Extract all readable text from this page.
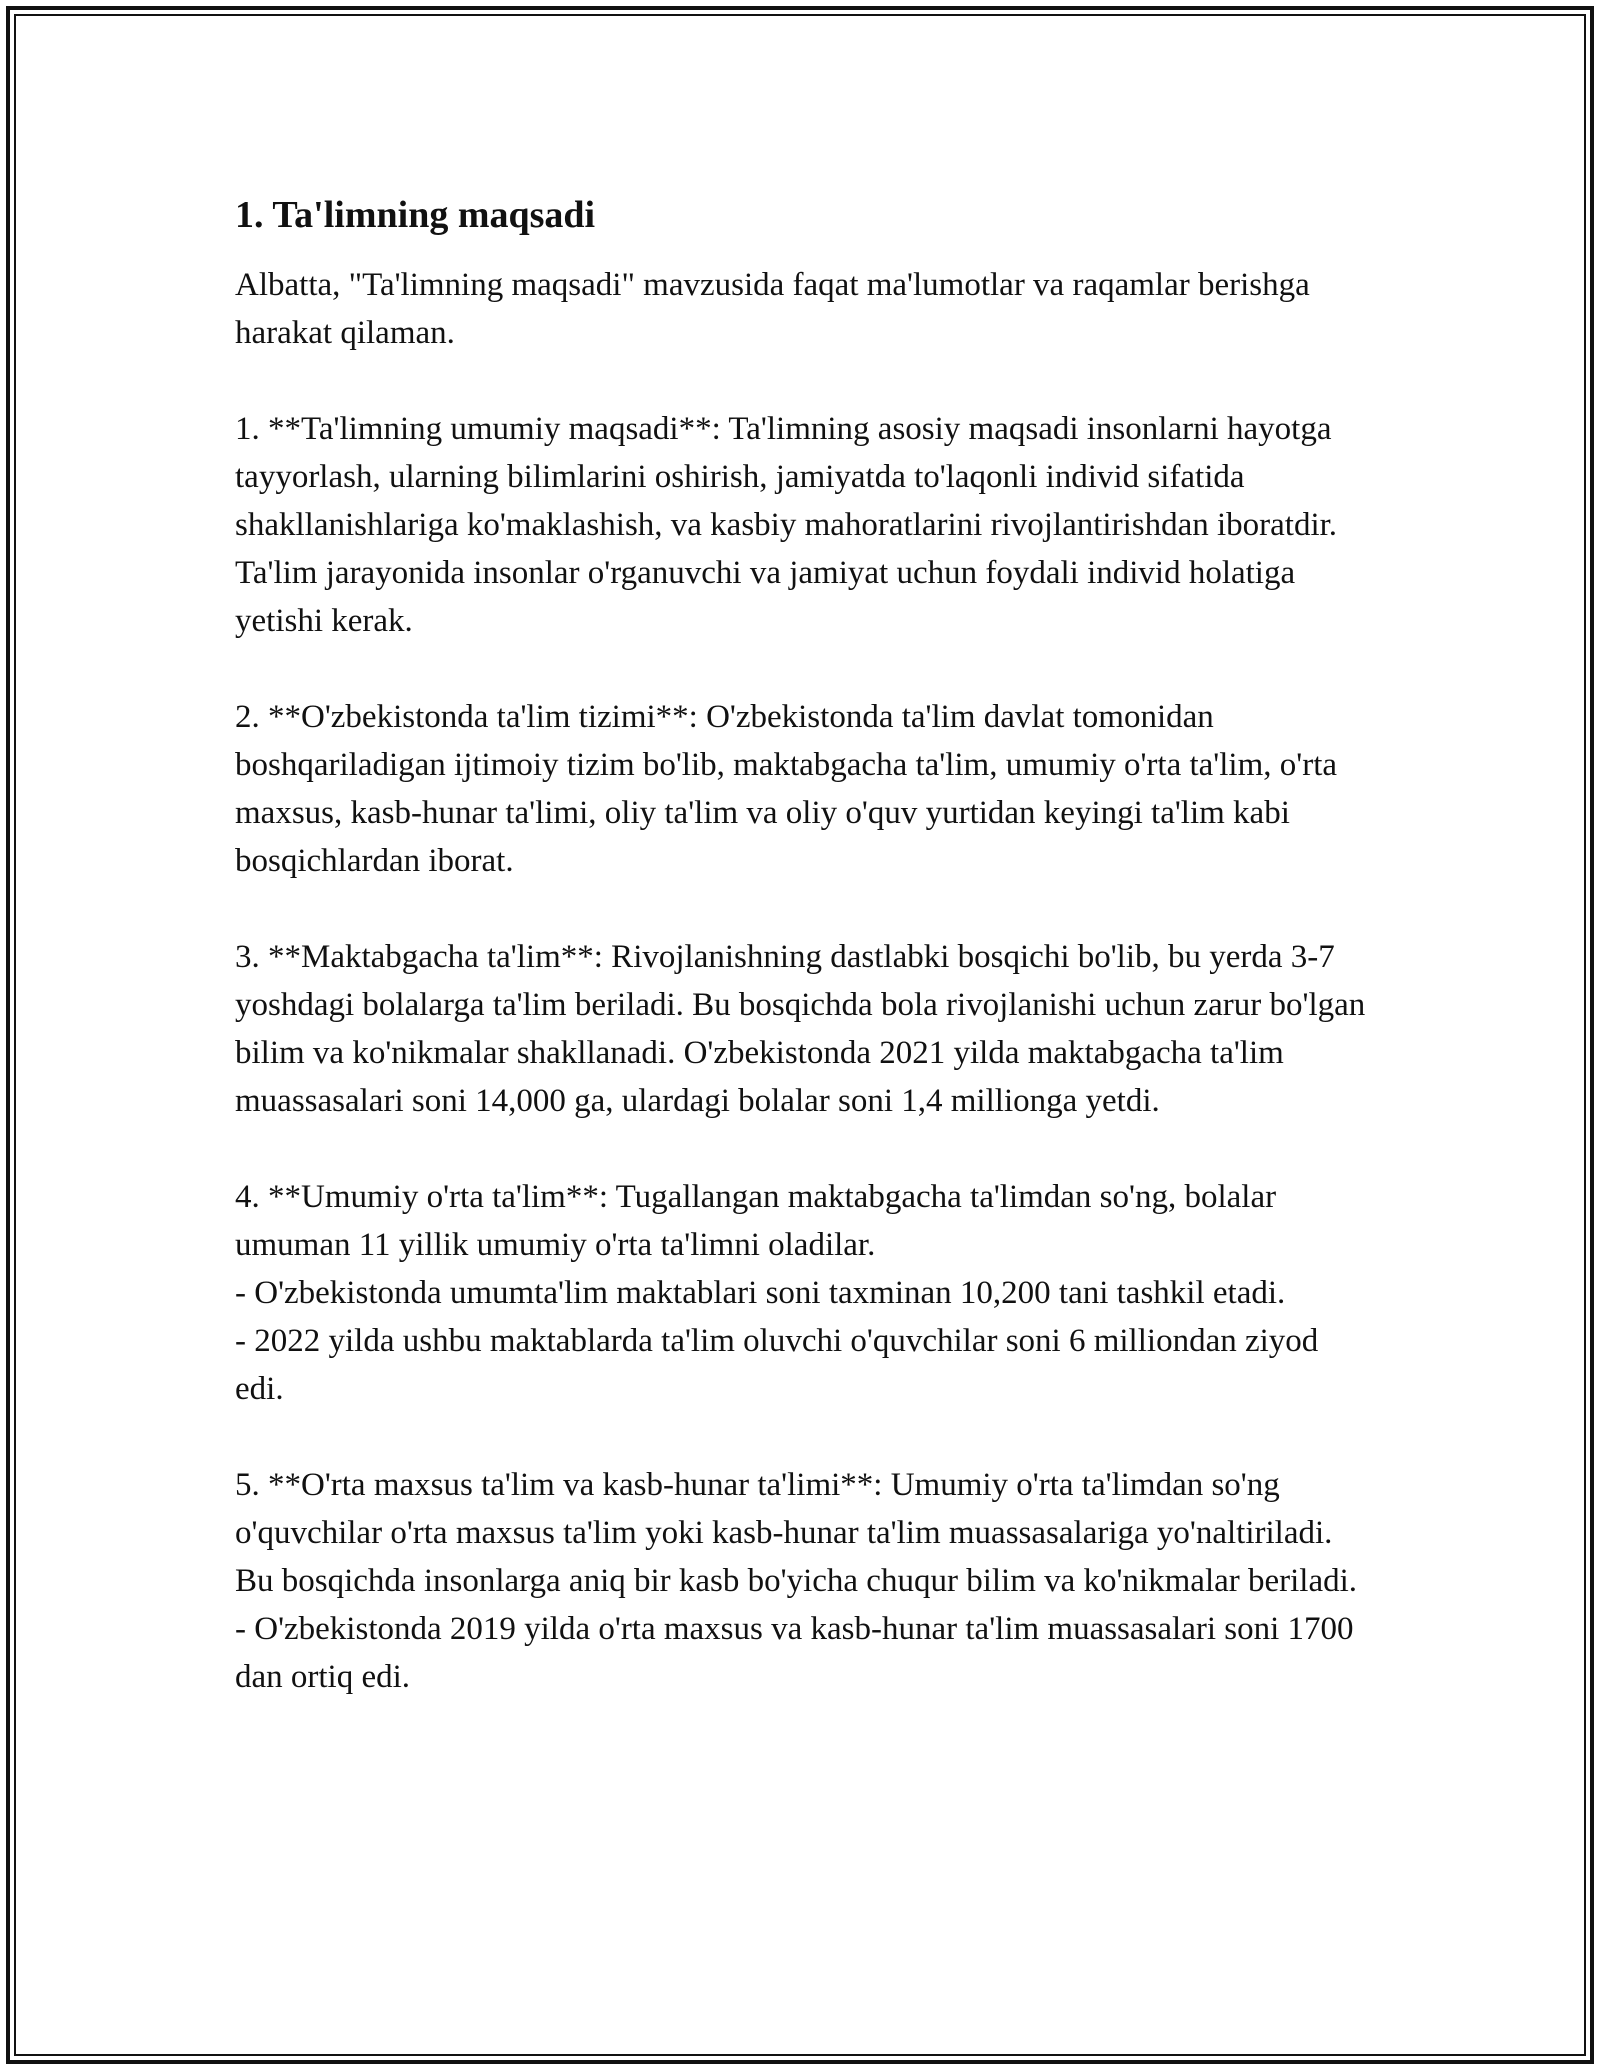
1. Ta'limning maqsadi

Albatta, "Ta'limning maqsadi" mavzusida faqat ma'lumotlar va raqamlar berishga harakat qilaman.

1. **Ta'limning umumiy maqsadi**: Ta'limning asosiy maqsadi insonlarni hayotga tayyorlash, ularning bilimlarini oshirish, jamiyatda to'laqonli individ sifatida shakllanishlariga ko'maklashish, va kasbiy mahoratlarini rivojlantirishdan iboratdir. Ta'lim jarayonida insonlar o'rganuvchi va jamiyat uchun foydali individ holatiga yetishi kerak.

2. **O'zbekistonda ta'lim tizimi**: O'zbekistonda ta'lim davlat tomonidan boshqariladigan ijtimoiy tizim bo'lib, maktabgacha ta'lim, umumiy o'rta ta'lim, o'rta maxsus, kasb-hunar ta'limi, oliy ta'lim va oliy o'quv yurtidan keyingi ta'lim kabi bosqichlardan iborat.

3. **Maktabgacha ta'lim**: Rivojlanishning dastlabki bosqichi bo'lib, bu yerda 3-7 yoshdagi bolalarga ta'lim beriladi. Bu bosqichda bola rivojlanishi uchun zarur bo'lgan bilim va ko'nikmalar shakllanadi. O'zbekistonda 2021 yilda maktabgacha ta'lim muassasalari soni 14,000 ga, ulardagi bolalar soni 1,4 millionga yetdi.

4. **Umumiy o'rta ta'lim**: Tugallangan maktabgacha ta'limdan so'ng, bolalar umuman 11 yillik umumiy o'rta ta'limni oladilar.

- O'zbekistonda umumta'lim maktablari soni taxminan 10,200 tani tashkil etadi.

- 2022 yilda ushbu maktablarda ta'lim oluvchi o'quvchilar soni 6 milliondan ziyod edi.

5. **O'rta maxsus ta'lim va kasb-hunar ta'limi**: Umumiy o'rta ta'limdan so'ng o'quvchilar o'rta maxsus ta'lim yoki kasb-hunar ta'lim muassasalariga yo'naltiriladi. Bu bosqichda insonlarga aniq bir kasb bo'yicha chuqur bilim va ko'nikmalar beriladi.

- O'zbekistonda 2019 yilda o'rta maxsus va kasb-hunar ta'lim muassasalari soni 1700 dan ortiq edi.
